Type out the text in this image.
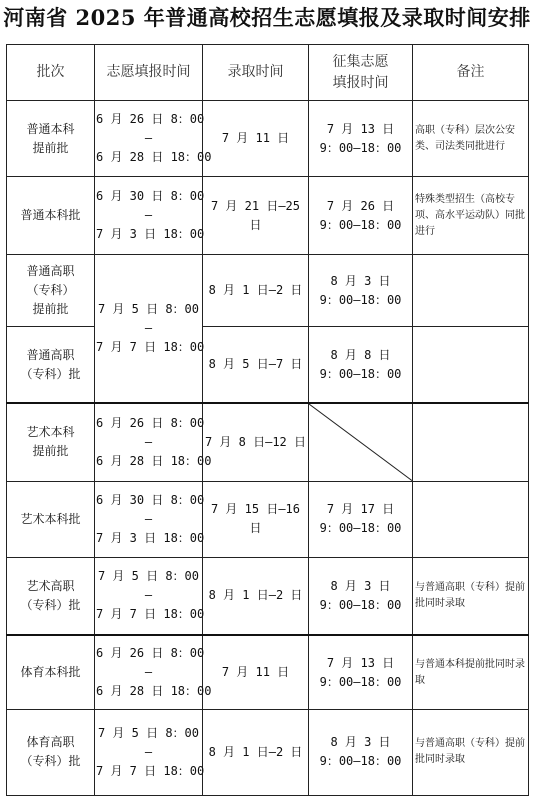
河南省 2025 年普通高校招生志愿填报及录取时间安排
批次	志愿填报时间	录取时间	征集志愿
填报时间	备注

普通本科
提前批	6 月 26 日 8：00
—
6 月 28 日 18：00	7 月 11 日	7 月 13 日
9：00—18：00	高职（专科）层次公安类、司法类同批进行

普通本科批	6 月 30 日 8：00
—
7 月 3 日 18：00	7 月 21 日–25 日	7 月 26 日
9：00—18：00	特殊类型招生（高校专项、高水平运动队）同批进行

普通高职
（专科）
提前批	7 月 5 日 8：00
—
7 月 7 日 18：00	8 月 1 日–2 日	8 月 3 日
9：00—18：00	

普通高职
（专科）批		8 月 5 日–7 日	8 月 8 日
9：00—18：00	

艺术本科
提前批	6 月 26 日 8：00
—
6 月 28 日 18：00	7 月 8 日–12 日	

艺术本科批	6 月 30 日 8：00
—
7 月 3 日 18：00	7 月 15 日–16 日	7 月 17 日
9：00—18：00	

艺术高职
（专科）批	7 月 5 日 8：00
—
7 月 7 日 18：00	8 月 1 日–2 日	8 月 3 日
9：00—18：00	与普通高职（专科）提前批同时录取

体育本科批	6 月 26 日 8：00
—
6 月 28 日 18：00	7 月 11 日	7 月 13 日
9：00—18：00	与普通本科提前批同时录取

体育高职
（专科）批	7 月 5 日 8：00
—
7 月 7 日 18：00	8 月 1 日–2 日	8 月 3 日
9：00—18：00	与普通高职（专科）提前批同时录取
